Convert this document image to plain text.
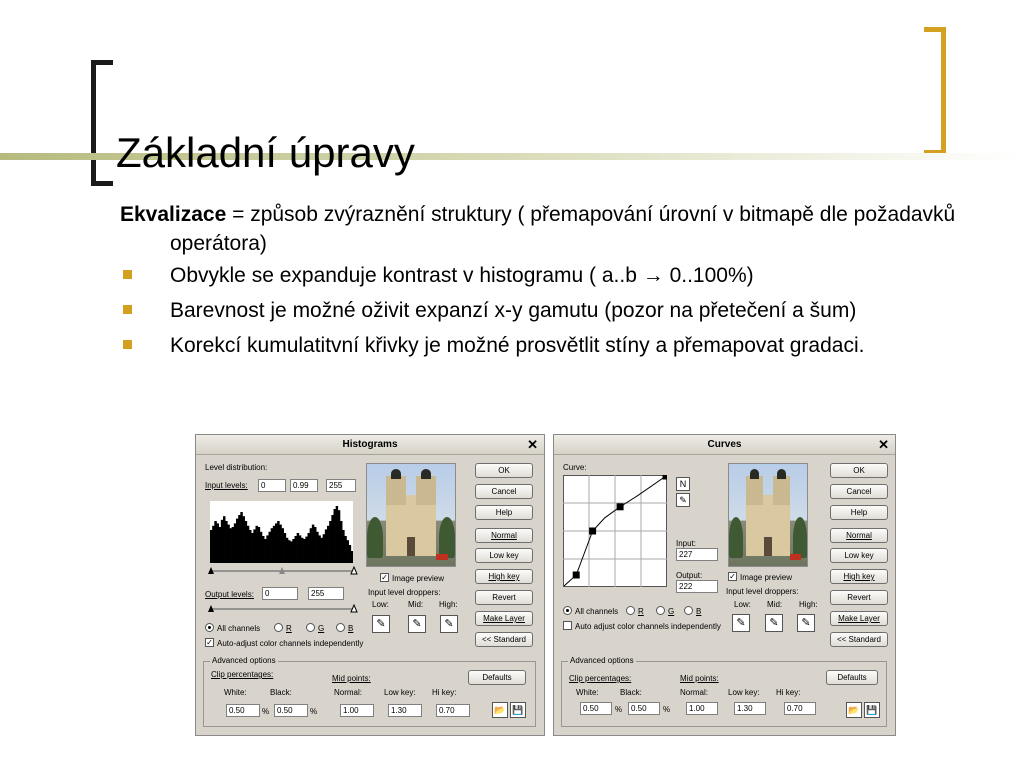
Základní úpravy

Ekvalizace = způsob zvýraznění struktury ( přemapování úrovní v bitmapě dle požadavků operátora)

Obvykle se expanduje kontrast v histogramu ( a..b → 0..100%)
Barevnost je možné oživit expanzí x-y gamutu (pozor na přetečení a šum)
Korekcí kumulatitvní křivky je možné prosvětlit stíny a přemapovat gradaci.
Histograms	✕
Level distribution:
Input levels:	0	0.99	255
Output levels:	0	255
All channels	R	G	B
✓ Auto-adjust color channels independently
✓ Image preview
Input level droppers:
Low: Mid: High:
✎	✎	✎
OK
Cancel
Help
Normal
Low key
High key
Revert
Make Layer
<< Standard
Advanced options
Clip percentages:	Mid points:	Defaults
White:	Black:	Normal:	Low key: Hi key:
0.50	% 0.50	%	1.00	1.30	0.70	📂 💾
Curves	✕
Curve:
N
✎
Input:
227
Output:
222
✓ Image preview
Input level droppers:
Low: Mid: High:
✎	✎	✎
All channels R	G	B
Auto adjust color channels independently
OK
Cancel
Help
Normal
Low key
High key
Revert
Make Layer
<< Standard
Advanced options
Clip percentages:	Mid points:	Defaults
White:	Black:	Normal: Low key: Hi key:
0.50	%	0.50	%	1.00	1.30	0.70	📂 💾
